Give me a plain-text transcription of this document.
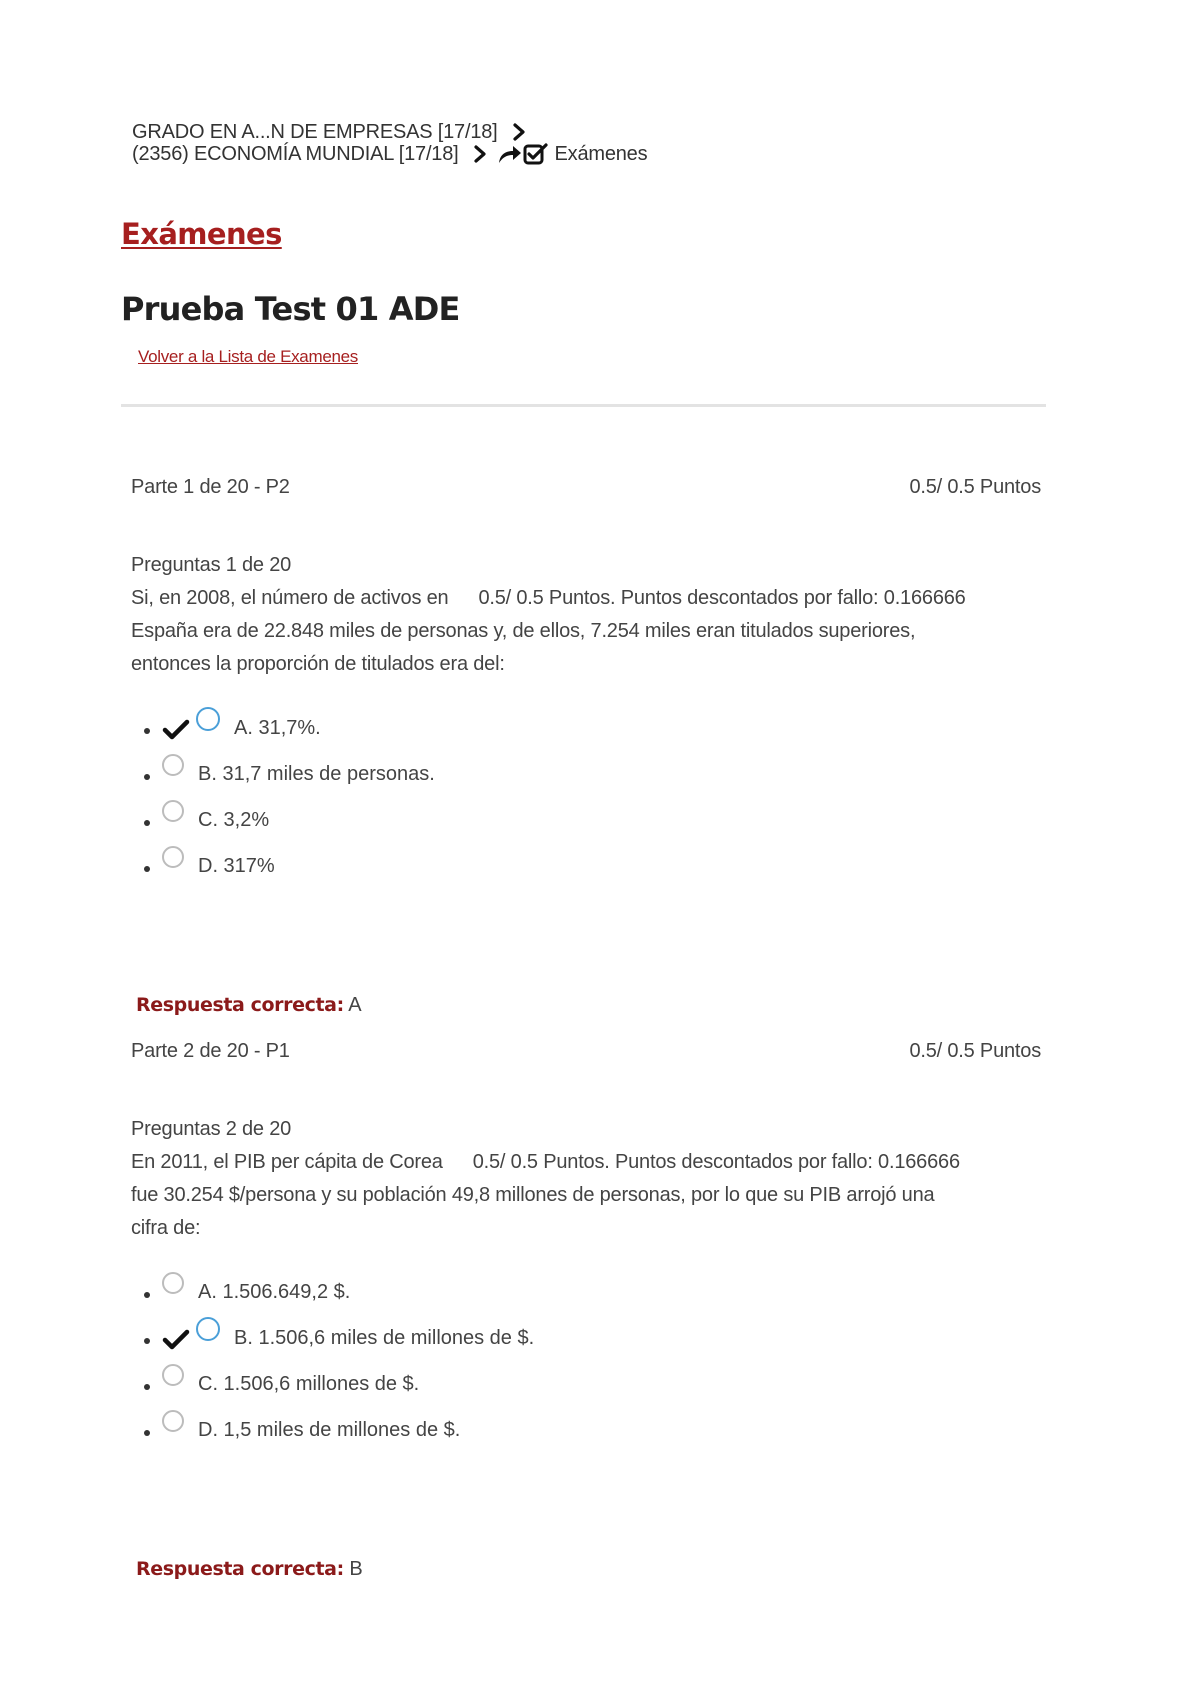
GRADO EN A...N DE EMPRESAS [17/18]
(2356) ECONOMÍA MUNDIAL [17/18]	Exámenes
Exámenes
Prueba Test 01 ADE
Volver a la Lista de Examenes
Parte 1 de 20 - P2	0.5/ 0.5 Puntos
Preguntas 1 de 20
Si, en 2008, el número de activos en 0.5/ 0.5 Puntos. Puntos descontados por fallo: 0.166666
España era de 22.848 miles de personas y, de ellos, 7.254 miles eran titulados superiores,
entonces la proporción de titulados era del:
A. 31,7%.
B. 31,7 miles de personas.
C. 3,2%
D. 317%
Respuesta correcta: A
Parte 2 de 20 - P1	0.5/ 0.5 Puntos
Preguntas 2 de 20
En 2011, el PIB per cápita de Corea 0.5/ 0.5 Puntos. Puntos descontados por fallo: 0.166666
fue 30.254 $/persona y su población 49,8 millones de personas, por lo que su PIB arrojó una
cifra de:
A. 1.506.649,2 $.
B. 1.506,6 miles de millones de $.
C. 1.506,6 millones de $.
D. 1,5 miles de millones de $.
Respuesta correcta: B
